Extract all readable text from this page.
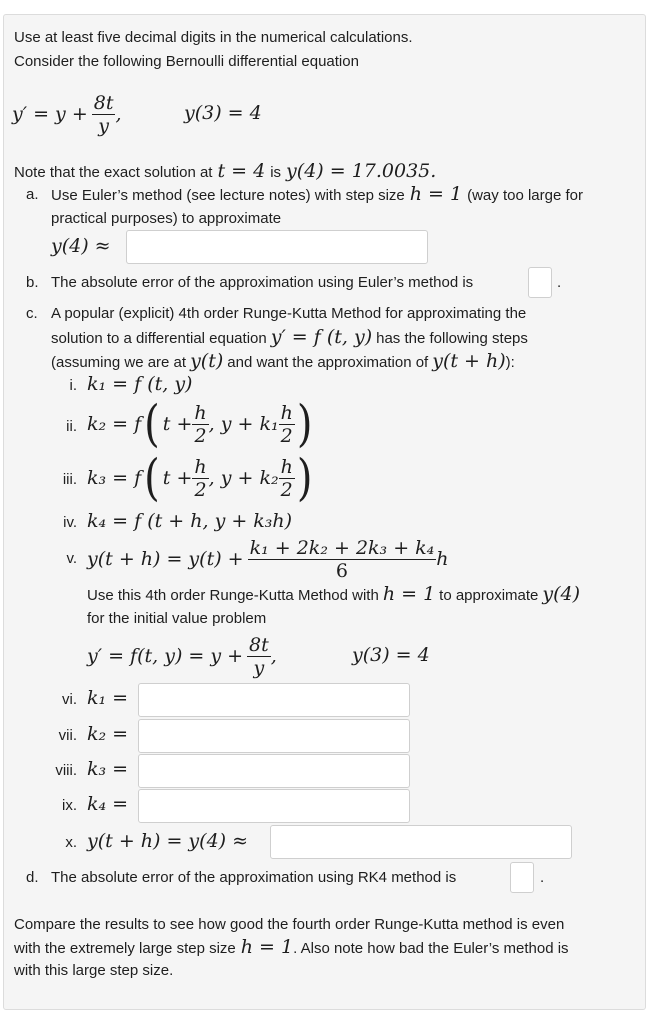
Use at least five decimal digits in the numerical calculations.
Consider the following Bernoulli differential equation
$y' = y + \frac{8t}{y}$ ,	y(3) = 4
Note that the exact solution at t = 4 is y(4) = 17.0035.
a. Use Euler’s method (see lecture notes) with step size h = 1 (way too large for
practical purposes) to approximate
y(4) ≈
b. The absolute error of the approximation using Euler’s method is	.
c. A popular (explicit) 4th order Runge-Kutta Method for approximating the
solution to a differential equation y′ = f (t, y) has the following steps
(assuming we are at y(t) and want the approximation of y(t + h) ):
i. k₁ = f (t, y)
ii. k₂ = f ( $t + \frac{h}{2}$ , $y + k_1 \frac{h}{2}$ )
iii. k₃ = f ( $t + \frac{h}{2}$ , $y + k_2 \frac{h}{2}$ )
iv. k₄ = f (t + h, y + k₃h)
v. $y(t + h) = y(t) + \frac{\text{k₁ + 2k₂ + 2k₃ + k₄}}{6}$ h
Use this 4th order Runge-Kutta Method with h = 1 to approximate y(4)
for the initial value problem
y′ = f(t, $y) = y + \frac{8t}{y}$ ,	y(3) = 4
vi. k₁ =
vii. k₂ =
viii. k₃ =
ix. k₄ =
x. y(t + h) = y(4) ≈
d. The absolute error of the approximation using RK4 method is	.
Compare the results to see how good the fourth order Runge-Kutta method is even
with the extremely large step size h = 1 . Also note how bad the Euler’s method is
with this large step size.
